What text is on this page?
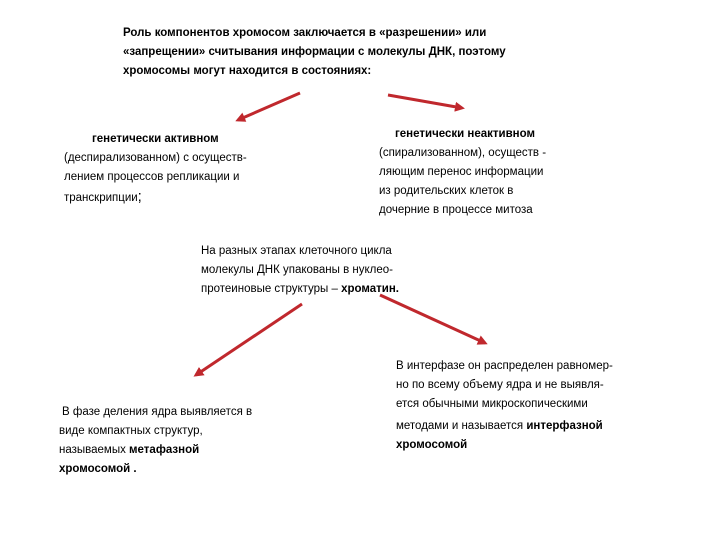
Роль компонентов хромосом заключается в «разрешении» или
«запрещении» считывания информации с молекулы ДНК, поэтому
хромосомы могут находится в состояниях:
генетически активном
(деспирализованном) с осуществ-
лением процессов репликации и
транскрипции;
генетически неактивном
(спирализованном), осуществ -
ляющим перенос информации
из родительских клеток в
дочерние в процессе митоза
На разных этапах клеточного цикла
молекулы ДНК упакованы в нуклео-
протеиновые структуры – хроматин.
В фазе деления ядра выявляется в
виде компактных структур,
называемых метафазной
хромосомой .
В интерфазе он распределен равномер-
но по всему объему ядра и не выявля-
ется обычными микроскопическими
методами и называется интерфазной
хромосомой
